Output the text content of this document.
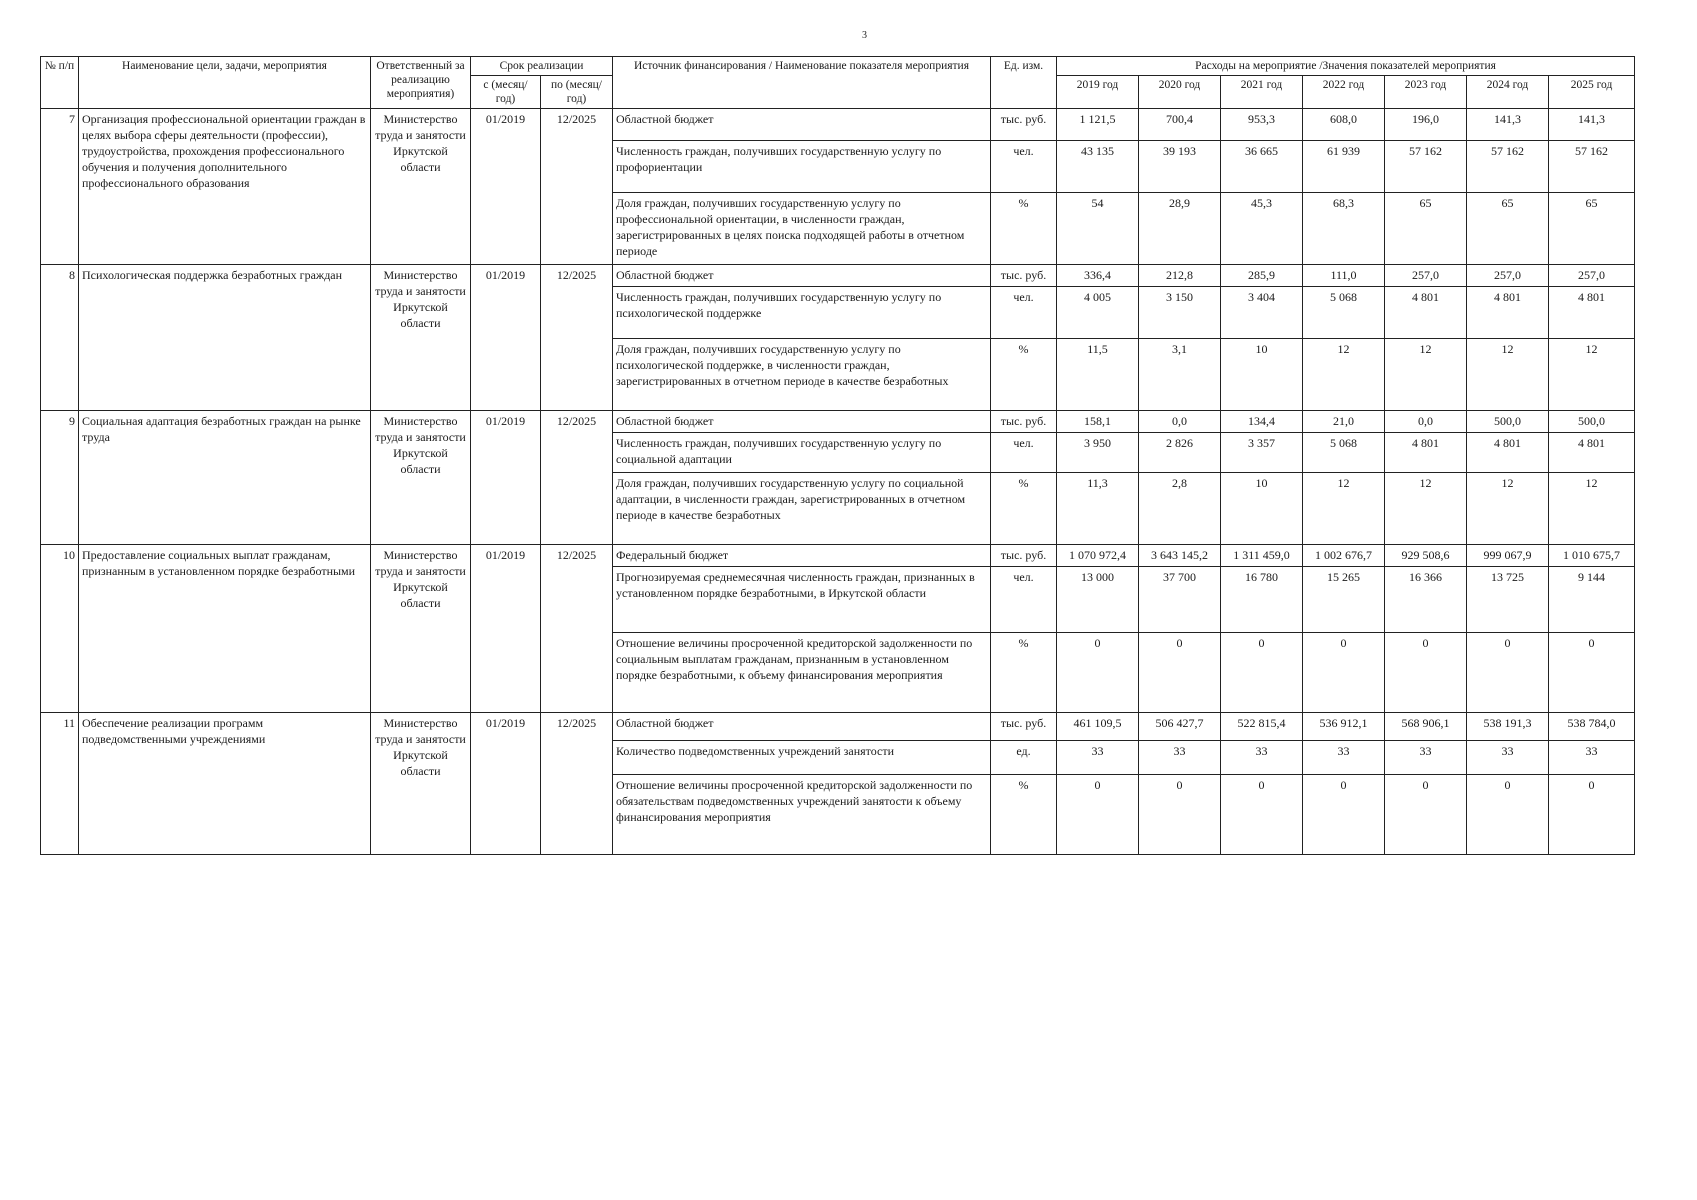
3
№ п/п	Наименование цели, задачи, мероприятия	Ответственный за реализацию мероприятия)	Срок реализации		Источник финансирования / Наименование показателя мероприятия	Ед. изм.	Расходы на мероприятие /Значения показателей мероприятия						
			с (месяц/ год)	по (месяц/ год)			2019 год	2020 год	2021 год	2022 год	2023 год	2024 год	2025 год

7	Организация профессиональной ориентации граждан в целях выбора сферы деятельности (профессии), трудоустройства, прохождения профессионального обучения и получения дополнительного профессионального образования	Министерство труда и занятости Иркутской области	01/2019	12/2025	Областной бюджет	тыс. руб.	1 121,5	700,4	953,3	608,0	196,0	141,3	141,3
					Численность граждан, получивших государственную услугу по профориентации	чел.	43 135	39 193	36 665	61 939	57 162	57 162	57 162
					Доля граждан, получивших государственную услугу по профессиональной ориентации, в численности граждан, зарегистрированных в целях поиска подходящей работы в отчетном периоде	%	54	28,9	45,3	68,3	65	65	65
8	Психологическая поддержка безработных граждан	Министерство труда и занятости Иркутской области	01/2019	12/2025	Областной бюджет	тыс. руб.	336,4	212,8	285,9	111,0	257,0	257,0	257,0
					Численность граждан, получивших государственную услугу по психологической поддержке	чел.	4 005	3 150	3 404	5 068	4 801	4 801	4 801
					Доля граждан, получивших государственную услугу по психологической поддержке, в численности граждан, зарегистрированных в отчетном периоде в качестве безработных	%	11,5	3,1	10	12	12	12	12
9	Социальная адаптация безработных граждан на рынке труда	Министерство труда и занятости Иркутской области	01/2019	12/2025	Областной бюджет	тыс. руб.	158,1	0,0	134,4	21,0	0,0	500,0	500,0
					Численность граждан, получивших государственную услугу по социальной адаптации	чел.	3 950	2 826	3 357	5 068	4 801	4 801	4 801
					Доля граждан, получивших государственную услугу по социальной адаптации, в численности граждан, зарегистрированных в отчетном периоде в качестве безработных	%	11,3	2,8	10	12	12	12	12
10	Предоставление социальных выплат гражданам, признанным в установленном порядке безработными	Министерство труда и занятости Иркутской области	01/2019	12/2025	Федеральный бюджет	тыс. руб.	1 070 972,4	3 643 145,2	1 311 459,0	1 002 676,7	929 508,6	999 067,9	1 010 675,7
					Прогнозируемая среднемесячная численность граждан, признанных в установленном порядке безработными, в Иркутской области	чел.	13 000	37 700	16 780	15 265	16 366	13 725	9 144
					Отношение величины просроченной кредиторской задолженности по социальным выплатам гражданам, признанным в установленном порядке безработными, к объему финансирования мероприятия	%	0	0	0	0	0	0	0
11	Обеспечение реализации программ подведомственными учреждениями	Министерство труда и занятости Иркутской области	01/2019	12/2025	Областной бюджет	тыс. руб.	461 109,5	506 427,7	522 815,4	536 912,1	568 906,1	538 191,3	538 784,0
					Количество подведомственных учреждений занятости	ед.	33	33	33	33	33	33	33
					Отношение величины просроченной кредиторской задолженности по обязательствам подведомственных учреждений занятости к объему финансирования мероприятия	%	0	0	0	0	0	0	0
